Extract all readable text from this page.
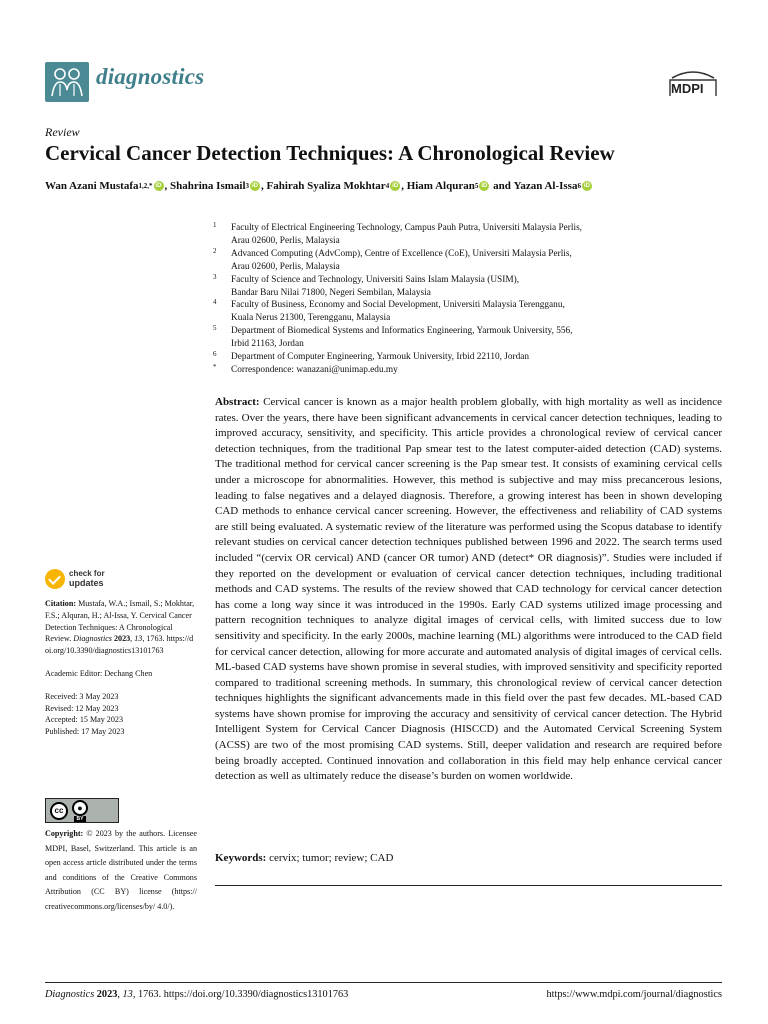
diagnostics	MDPI
Review
Cervical Cancer Detection Techniques: A Chronological Review
Wan Azani Mustafa 1,2,* iD , Shahrina Ismail 3 iD , Fahirah Syaliza Mokhtar 4 iD , Hiam Alquran 5 iD and Yazan Al-Issa 6 iD
1 Faculty of Electrical Engineering Technology, Campus Pauh Putra, Universiti Malaysia Perlis,
Arau 02600, Perlis, Malaysia
2 Advanced Computing (AdvComp), Centre of Excellence (CoE), Universiti Malaysia Perlis,
Arau 02600, Perlis, Malaysia
3 Faculty of Science and Technology, Universiti Sains Islam Malaysia (USIM),
Bandar Baru Nilai 71800, Negeri Sembilan, Malaysia
4 Faculty of Business, Economy and Social Development, Universiti Malaysia Terengganu,
Kuala Nerus 21300, Terengganu, Malaysia
5 Department of Biomedical Systems and Informatics Engineering, Yarmouk University, 556,
Irbid 21163, Jordan
6 Department of Computer Engineering, Yarmouk University, Irbid 22110, Jordan
* Correspondence: wanazani@unimap.edu.my
Abstract: Cervical cancer is known as a major health problem globally, with high mortality as well as incidence rates. Over the years, there have been significant advancements in cervical cancer detection techniques, leading to improved accuracy, sensitivity, and specificity. This article provides a chronological review of cervical cancer detection techniques, from the traditional Pap smear test to the latest computer-aided detection (CAD) systems. The traditional method for cervical cancer screening is the Pap smear test. It consists of examining cervical cells under a microscope for abnormalities. However, this method is subjective and may miss precancerous lesions, leading to false negatives and a delayed diagnosis. Therefore, a growing interest has been in shown developing CAD methods to enhance cervical cancer screening. However, the effectiveness and reliability of CAD systems are still being evaluated. A systematic review of the literature was performed using the Scopus database to identify relevant studies on cervical cancer detection techniques published between 1996 and 2022. The search terms used included “(cervix OR cervical) AND (cancer OR tumor) AND (detect* OR diagnosis)”. Studies were included if they reported on the development or evaluation of cervical cancer detection techniques, including traditional methods and CAD systems. The results of the review showed that CAD technology for cervical cancer detection has come a long way since it was introduced in the 1990s. Early CAD systems utilized image processing and pattern recognition techniques to analyze digital images of cervical cells, with limited success due to low sensitivity and specificity. In the early 2000s, machine learning (ML) algorithms were introduced to the CAD field for cervical cancer detection, allowing for more accurate and automated analysis of digital images of cervical cells. ML-based CAD systems have shown promise in several studies, with improved sensitivity and specificity reported compared to traditional screening methods. In summary, this chronological review of cervical cancer detection techniques highlights the significant advancements made in this field over the past few decades. ML-based CAD systems have shown promise for improving the accuracy and sensitivity of cervical cancer detection. The Hybrid Intelligent System for Cervical Cancer Diagnosis (HISCCD) and the Automated Cervical Screening System (ACSS) are two of the most promising CAD systems. Still, deeper validation and research are required before being broadly accepted. Continued innovation and collaboration in this field may help enhance cervical cancer detection as well as ultimately reduce the disease’s burden on women worldwide.
Keywords: cervix; tumor; review; CAD
check for
updates

Citation: Mustafa, W.A.; Ismail, S.; Mokhtar, F.S.; Alquran, H.; Al-Issa, Y. Cervical Cancer Detection Techniques: A Chronological Review. Diagnostics 2023, 13, 1763. https://doi.org/10.3390/diagnostics13101763

Academic Editor: Dechang Chen

Received: 3 May 2023

Revised: 12 May 2023

Accepted: 15 May 2023

Published: 17 May 2023

cc	●
BY
Copyright: © 2023 by the authors. Licensee MDPI, Basel, Switzerland. This article is an open access article distributed under the terms and conditions of the Creative Commons Attribution (CC BY) license (https:// creativecommons.org/licenses/by/ 4.0/).
Diagnostics 2023, 13, 1763. https://doi.org/10.3390/diagnostics13101763	https://www.mdpi.com/journal/diagnostics
